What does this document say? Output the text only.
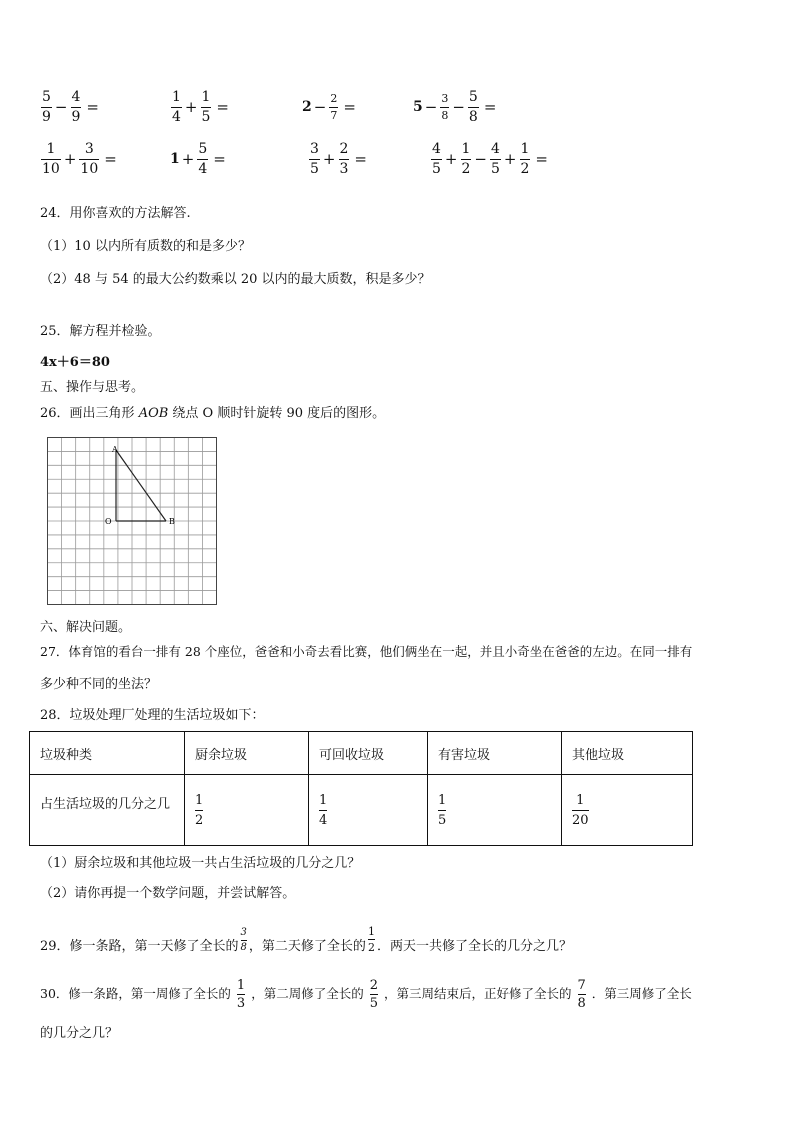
$\frac{5}{9} - \frac{4}{9}$ =	$\frac{1}{4} + \frac{1}{5}$ =	$2 - \frac{2}{7}$ =	$5 - \frac{3}{8} - \frac{5}{8}$ =
$\frac{1}{10} + \frac{3}{10}$ =	$1 + \frac{5}{4}$ =	$\frac{3}{5} + \frac{2}{3}$ =	$\frac{4}{5} + \frac{1}{2} - \frac{4}{5} + \frac{1}{2}$ =
24．用你喜欢的方法解答.
（1）10 以内所有质数的和是多少？
（2）48 与 54 的最大公约数乘以 20 以内的最大质数，积是多少？
25．解方程并检验。
4x＋6＝80
五、操作与思考。
26．画出三角形 AOB 绕点 O 顺时针旋转 90 度后的图形。
A
O	B
六、解决问题。
27．体育馆的看台一排有 28 个座位，爸爸和小奇去看比赛，他们俩坐在一起，并且小奇坐在爸爸的左边。在同一排有
多少种不同的坐法？
28．垃圾处理厂处理的生活垃圾如下：
垃圾种类	厨余垃圾	可回收垃圾	有害垃圾	其他垃圾
占生活垃圾的几分之几	$\frac{1}{2}$	$\frac{1}{4}$	$\frac{1}{5}$	$\frac{1}{20}$
（1）厨余垃圾和其他垃圾一共占生活垃圾的几分之几？
（2）请你再提一个数学问题，并尝试解答。
29．修一条路，第一天修了全长的
3
8 ，第二天修了全长的
1
2 ．两天一共修了全长的几分之几？
30．修一条路，第一周修了全长的
1
3
，第二周修了全长的
2
5
，第三周结束后，正好修了全长的
7
8
．第三周修了全长
的几分之几？
